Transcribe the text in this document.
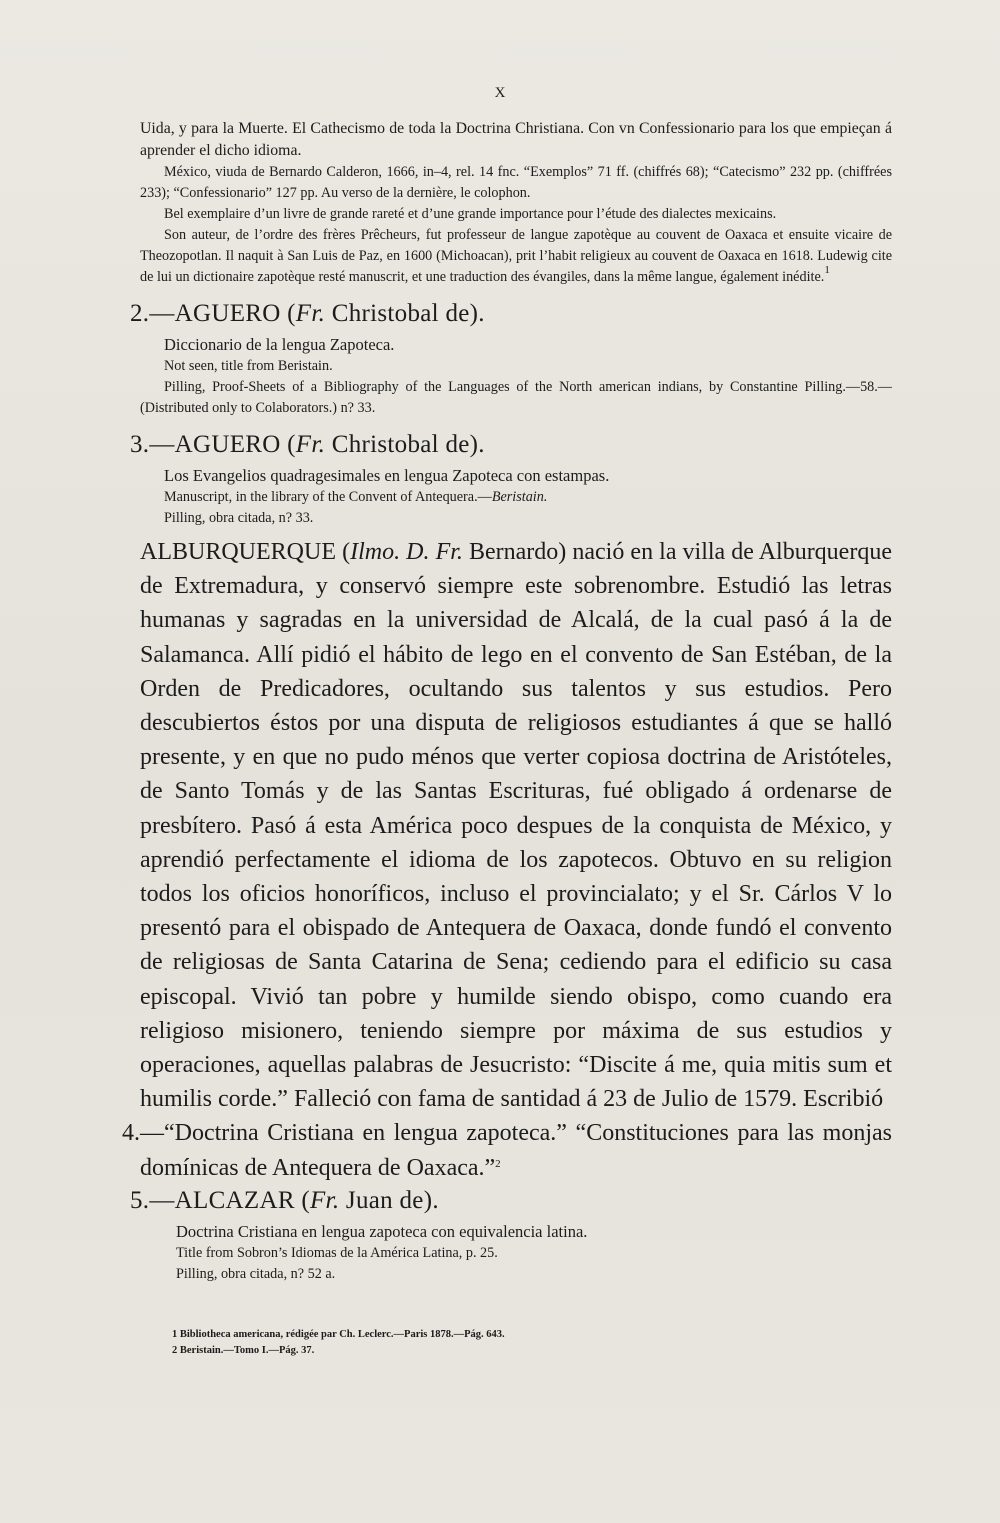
X

Uida, y para la Muerte. El Cathecismo de toda la Doctrina Christiana. Con vn Confessionario para los que empieçan á aprender el dicho idioma.

México, viuda de Bernardo Calderon, 1666, in–4, rel. 14 fnc. “Exemplos” 71 ff. (chiffrés 68); “Catecismo” 232 pp. (chiffrées 233); “Confessionario” 127 pp. Au verso de la dernière, le colophon.

Bel exemplaire d’un livre de grande rareté et d’une grande importance pour l’étude des dialectes mexicains.

Son auteur, de l’ordre des frères Prêcheurs, fut professeur de langue zapotèque au couvent de Oaxaca et ensuite vicaire de Theozopotlan. Il naquit à San Luis de Paz, en 1600 (Michoacan), prit l’habit religieux au couvent de Oaxaca en 1618. Ludewig cite de lui un dictionaire zapotèque resté manuscrit, et une traduction des évangiles, dans la même langue, également inédite.$^1$

2.—AGUERO (Fr. Christobal de).

Diccionario de la lengua Zapoteca.

Not seen, title from Beristain.

Pilling, Proof-Sheets of a Bibliography of the Languages of the North american indians, by Constantine Pilling.—58.—(Distributed only to Colaborators.) n? 33.

3.—AGUERO (Fr. Christobal de).

Los Evangelios quadragesimales en lengua Zapoteca con estampas.

Manuscript, in the library of the Convent of Antequera.—Beristain.

Pilling, obra citada, n? 33.

ALBURQUERQUE (Ilmo. D. Fr. Bernardo) nació en la villa de Alburquerque de Extremadura, y conservó siempre este sobrenombre. Estudió las letras humanas y sagradas en la universidad de Alcalá, de la cual pasó á la de Salamanca. Allí pidió el hábito de lego en el convento de San Estéban, de la Orden de Predicadores, ocultando sus talentos y sus estudios. Pero descubiertos éstos por una disputa de religiosos estudiantes á que se halló presente, y en que no pudo ménos que verter copiosa doctrina de Aristóteles, de Santo Tomás y de las Santas Escrituras, fué obligado á ordenarse de presbítero. Pasó á esta América poco despues de la conquista de México, y aprendió perfectamente el idioma de los zapotecos. Obtuvo en su religion todos los oficios honoríficos, incluso el provincialato; y el Sr. Cárlos V lo presentó para el obispado de Antequera de Oaxaca, donde fundó el convento de religiosas de Santa Catarina de Sena; cediendo para el edificio su casa episcopal. Vivió tan pobre y humilde siendo obispo, como cuando era religioso misionero, teniendo siempre por máxima de sus estudios y operaciones, aquellas palabras de Jesucristo: “Discite á me, quia mitis sum et humilis corde.” Falleció con fama de santidad á 23 de Julio de 1579. Escribió

4.—“Doctrina Cristiana en lengua zapoteca.” “Constituciones para las monjas domínicas de Antequera de Oaxaca.”$^2$

5.—ALCAZAR (Fr. Juan de).

Doctrina Cristiana en lengua zapoteca con equivalencia latina.

Title from Sobron’s Idiomas de la América Latina, p. 25.

Pilling, obra citada, n? 52 a.

1 Bibliotheca americana, rédigée par Ch. Leclerc.—Paris 1878.—Pág. 643.

2 Beristain.—Tomo I.—Pág. 37.
